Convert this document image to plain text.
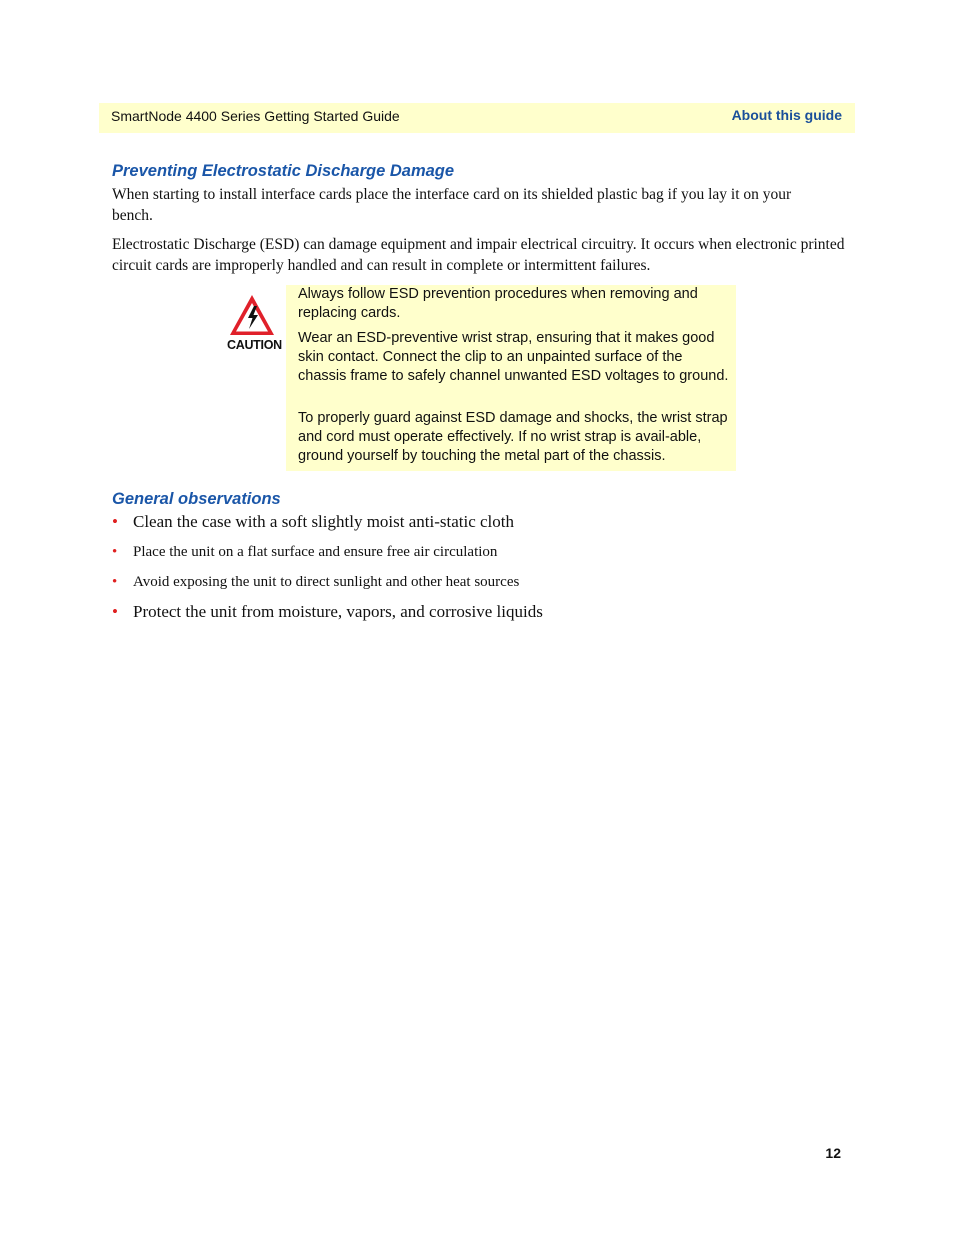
SmartNode 4400 Series Getting Started Guide	About this guide
Preventing Electrostatic Discharge Damage

When starting to install interface cards place the interface card on its shielded plastic bag if you lay it on your bench.

Electrostatic Discharge (ESD) can damage equipment and impair electrical circuitry. It occurs when electronic printed circuit cards are improperly handled and can result in complete or intermittent failures.

CAUTION

Always follow ESD prevention procedures when removing and replacing cards.

Wear an ESD-preventive wrist strap, ensuring that it makes good skin contact. Connect the clip to an unpainted surface of the chassis frame to safely channel unwanted ESD voltages to ground.

To properly guard against ESD damage and shocks, the wrist strap and cord must operate effectively. If no wrist strap is avail-able, ground yourself by touching the metal part of the chassis.

General observations
• Clean the case with a soft slightly moist anti-static cloth
• Place the unit on a flat surface and ensure free air circulation
• Avoid exposing the unit to direct sunlight and other heat sources
• Protect the unit from moisture, vapors, and corrosive liquids
12
